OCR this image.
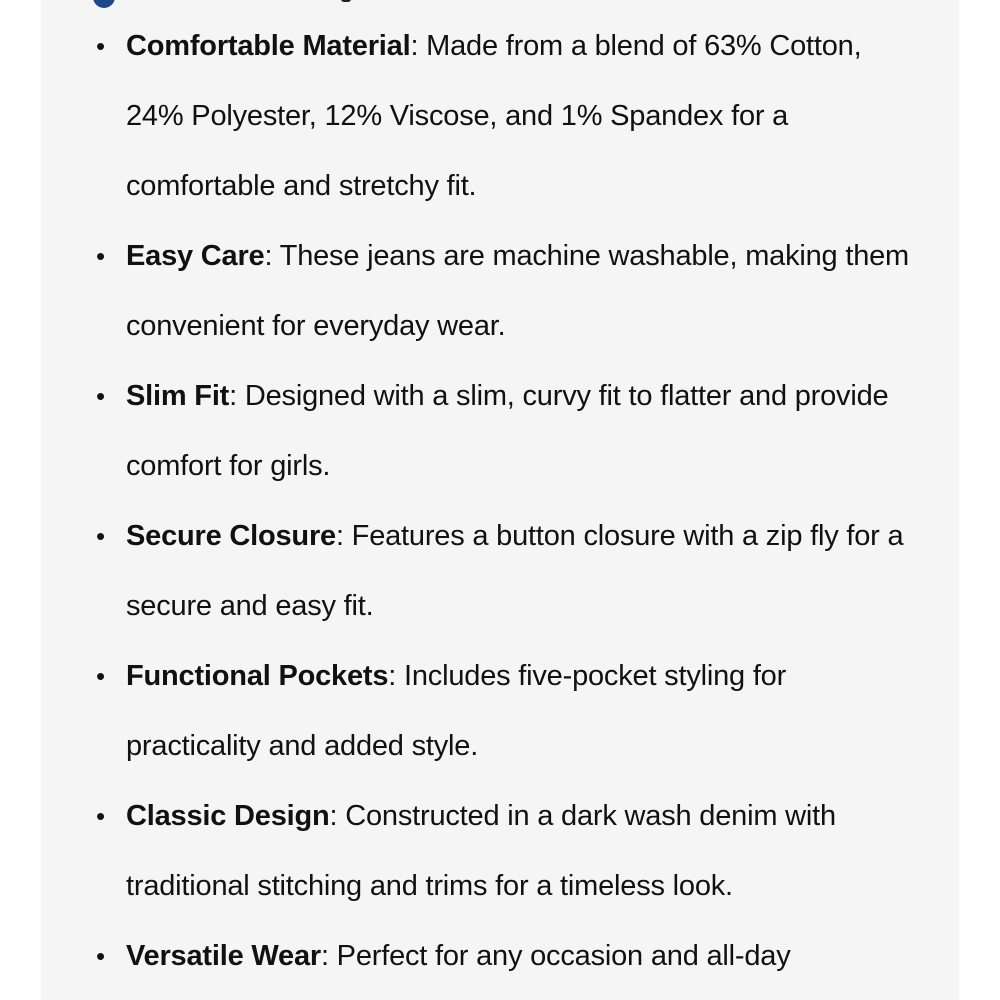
• Comfortable Material: Made from a blend of 63% Cotton, 24% Polyester, 12% Viscose, and 1% Spandex for a comfortable and stretchy fit.
• Easy Care: These jeans are machine washable, making them convenient for everyday wear.
• Slim Fit: Designed with a slim, curvy fit to flatter and provide comfort for girls.
• Secure Closure: Features a button closure with a zip fly for a secure and easy fit.
• Functional Pockets: Includes five-pocket styling for practicality and added style.
• Classic Design: Constructed in a dark wash denim with traditional stitching and trims for a timeless look.
• Versatile Wear: Perfect for any occasion and all-day
